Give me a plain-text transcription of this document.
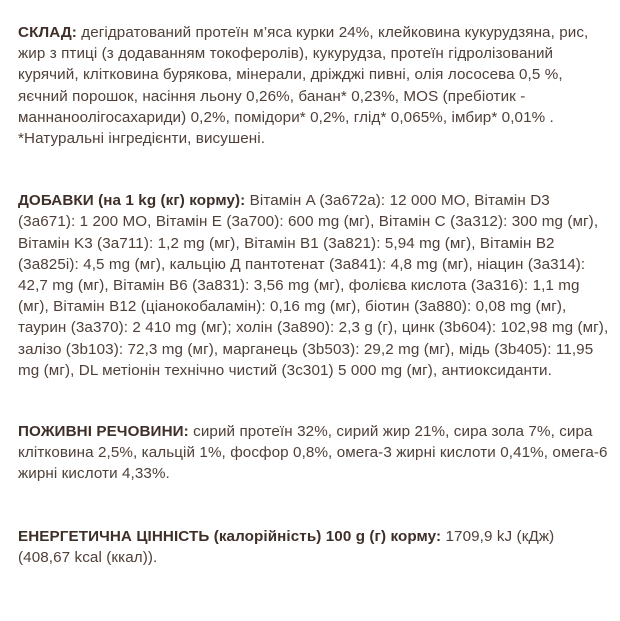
СКЛАД: дегідратований протеїн м’яса курки 24%, клейковина кукурудзяна, рис, жир з птиці (з додаванням токоферолів), кукурудза, протеїн гідролізований курячий, клітковина бурякова, мінерали, дріжджі пивні, олія лососева 0,5 %, яєчний порошок, насіння льону 0,26%, банан* 0,23%, MOS (пребіотик - маннаноолігосахариди) 0,2%, помідори* 0,2%, глід* 0,065%, імбир* 0,01% . *Натуральні інгредієнти, висушені.

ДОБАВКИ (на 1 kg (кг) корму): Вітамін A (3a672a): 12 000 МО, Вітамін D3 (3a671): 1 200 МО, Вітамін E (3a700): 600 mg (мг), Вітамін C (3a312): 300 mg (мг), Вітамін K3 (3a711): 1,2 mg (мг), Вітамін B1 (3a821): 5,94 mg (мг), Вітамін B2 (3a825i): 4,5 mg (мг), кальцію Д пантотенат (3a841): 4,8 mg (мг), ніацин (3a314): 42,7 mg (мг), Вітамін B6 (3a831): 3,56 mg (мг), фолієва кислота (3a316): 1,1 mg (мг), Вітамін B12 (ціанокобаламін): 0,16 mg (мг), біотин (3a880): 0,08 mg (мг), таурин (3a370): 2 410 mg (мг); холін (3a890): 2,3 g (г), цинк (3b604): 102,98 mg (мг), залізо (3b103): 72,3 mg (мг), марганець (3b503): 29,2 mg (мг), мідь (3b405): 11,95 mg (мг), DL метіонін технічно чистий (3c301) 5 000 mg (мг), антиоксиданти.

ПОЖИВНІ РЕЧОВИНИ: сирий протеїн 32%, сирий жир 21%, сира зола 7%, сира клітковина 2,5%, кальцій 1%, фосфор 0,8%, омега-3 жирні кислоти 0,41%, омега-6 жирні кислоти 4,33%.

ЕНЕРГЕТИЧНА ЦІННІСТЬ (калорійність) 100 g (г) корму: 1709,9 kJ (кДж) (408,67 kcal (ккал)).
